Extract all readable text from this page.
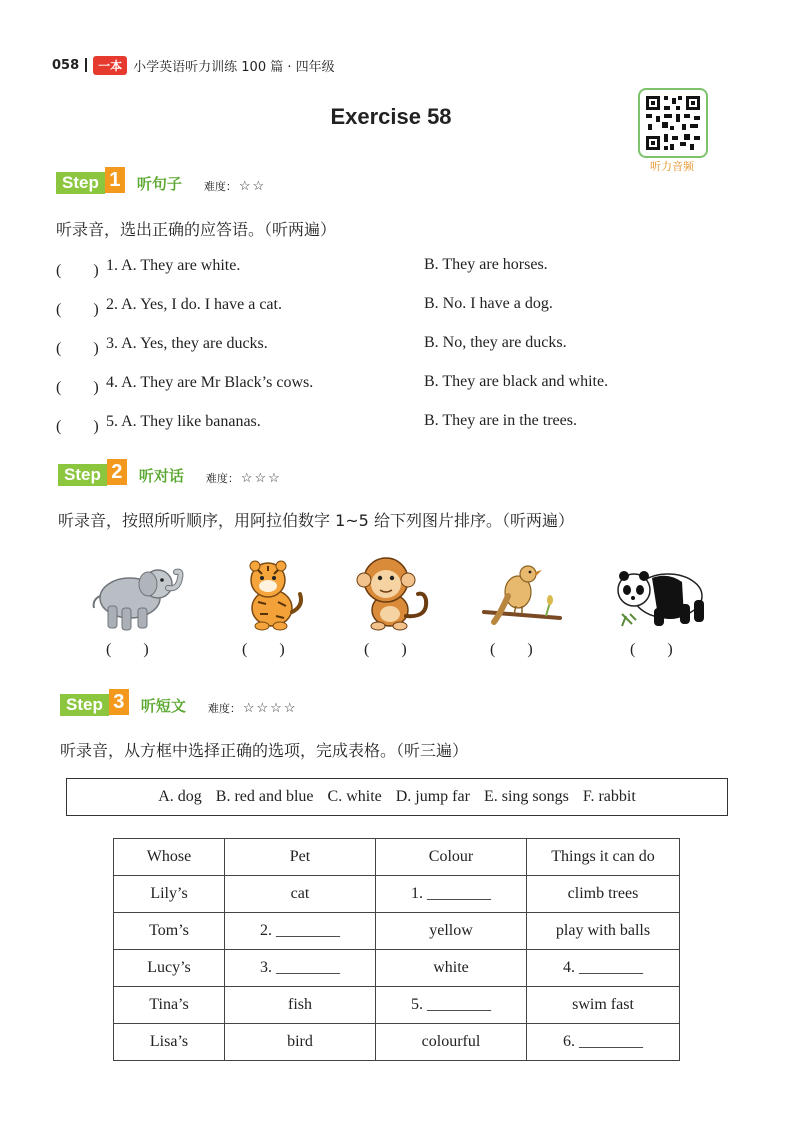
058	一本 小学英语听力训练 100 篇 · 四年级
Exercise 58
听力音频
Step 1 听句子 难度： ☆☆
听录音，选出正确的应答语。（听两遍）
(　　) 1. A. They are white.	B. They are horses.
(　　) 2. A. Yes, I do. I have a cat.	B. No. I have a dog.
(　　) 3. A. Yes, they are ducks.	B. No, they are ducks.
(　　) 4. A. They are Mr Black’s cows.	B. They are black and white.
(　　) 5. A. They like bananas.	B. They are in the trees.
Step 2 听对话 难度： ☆☆☆
听录音，按照所听顺序，用阿拉伯数字 1~5 给下列图片排序。（听两遍）
(　　)	(　　)	(　　)	(　　)	(　　)
Step 3 听短文 难度： ☆☆☆☆
听录音，从方框中选择正确的选项，完成表格。（听三遍）
A. dog B. red and blue C. white D. jump far E. sing songs F. rabbit
Whose	Pet	Colour	Things it can do
Lily’s	cat	1. ________	climb trees
Tom’s	2. ________	yellow	play with balls
Lucy’s	3. ________	white	4. ________
Tina’s	fish	5. ________	swim fast
Lisa’s	bird	colourful	6. ________
